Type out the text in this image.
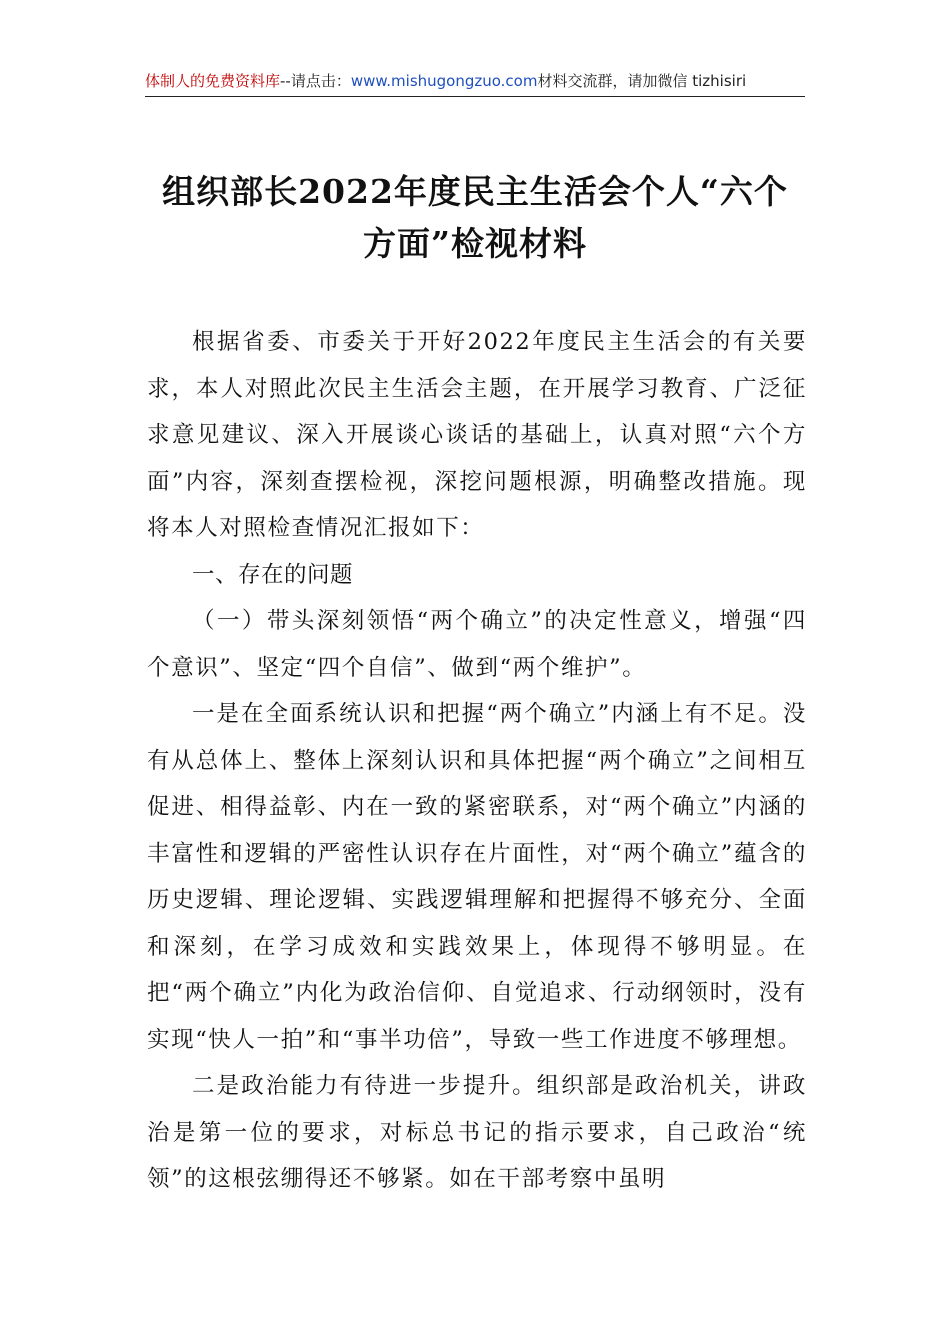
体制人的免费资料库--请点击：www.mishugongzuo.com材料交流群，请加微信 tizhisiri
组织部长2022年度民主生活会个人“六个
方面”检视材料

根据省委、市委关于开好2022年度民主生活会的有关要求，本人对照此次民主生活会主题，在开展学习教育、广泛征求意见建议、深入开展谈心谈话的基础上，认真对照“六个方面”内容，深刻查摆检视，深挖问题根源，明确整改措施。现将本人对照检查情况汇报如下：

一、存在的问题

（一）带头深刻领悟“两个确立”的决定性意义，增强“四个意识”、坚定“四个自信”、做到“两个维护”。

一是在全面系统认识和把握“两个确立”内涵上有不足。没有从总体上、整体上深刻认识和具体把握“两个确立”之间相互促进、相得益彰、内在一致的紧密联系，对“两个确立”内涵的丰富性和逻辑的严密性认识存在片面性，对“两个确立”蕴含的历史逻辑、理论逻辑、实践逻辑理解和把握得不够充分、全面和深刻，在学习成效和实践效果上，体现得不够明显。在把“两个确立”内化为政治信仰、自觉追求、行动纲领时，没有实现“快人一拍”和“事半功倍”，导致一些工作进度不够理想。

二是政治能力有待进一步提升。组织部是政治机关，讲政治是第一位的要求，对标总书记的指示要求，自己政治“统领”的这根弦绷得还不够紧。如在干部考察中虽明
